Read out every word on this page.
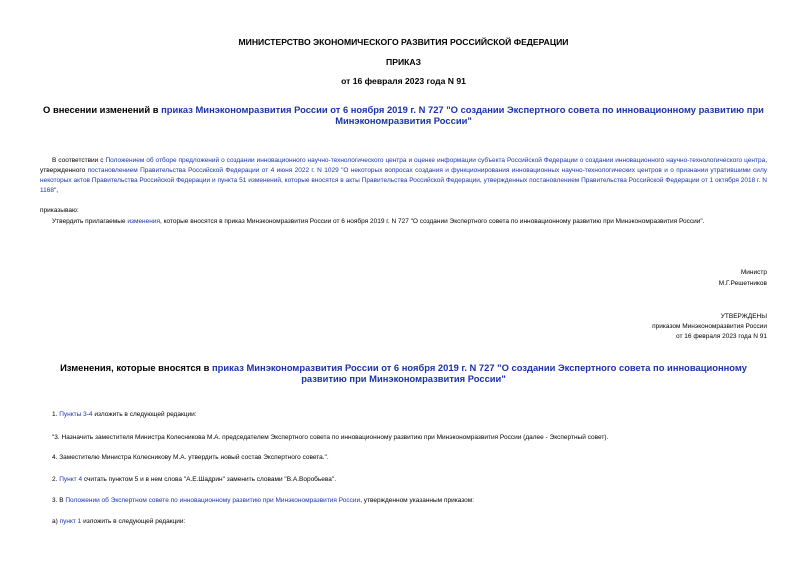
МИНИСТЕРСТВО ЭКОНОМИЧЕСКОГО РАЗВИТИЯ РОССИЙСКОЙ ФЕДЕРАЦИИ
ПРИКАЗ
от 16 февраля 2023 года N 91
О внесении изменений в приказ Минэкономразвития России от 6 ноября 2019 г. N 727 "О создании Экспертного совета по инновационному развитию при Минэкономразвития России"
В соответствии с Положением об отборе предложений о создании инновационного научно-технологического центра и оценке информации субъекта Российской Федерации о создании инновационного научно-технологического центра, утвержденного постановлением Правительства Российской Федерации от 4 июня 2022 г. N 1029 "О некоторых вопросах создания и функционирования инновационных научно-технологических центров и о признании утратившими силу некоторых актов Правительства Российской Федерации и пункта 51 изменений, которые вносятся в акты Правительства Российской Федерации, утвержденных постановлением Правительства Российской Федерации от 1 октября 2018 г. N 1168",
приказываю:
Утвердить прилагаемые изменения, которые вносятся в приказ Минэкономразвития России от 6 ноября 2019 г. N 727 "О создании Экспертного совета по инновационному развитию при Минэкономразвития России".
Министр
М.Г.Решетников
УТВЕРЖДЕНЫ
приказом Минэкономразвития России
от 16 февраля 2023 года N 91
Изменения, которые вносятся в приказ Минэкономразвития России от 6 ноября 2019 г. N 727 "О создании Экспертного совета по инновационному развитию при Минэкономразвития России"
1. Пункты 3-4 изложить в следующей редакции:
"3. Назначить заместителя Министра Колесникова М.А. председателем Экспертного совета по инновационному развитию при Минэкономразвития России (далее - Экспертный совет).
4. Заместителю Министра Колесникову М.А. утвердить новый состав Экспертного совета.".
2. Пункт 4 считать пунктом 5 и в нем слова "А.Е.Шадрин" заменить словами "В.А.Воробьева".
3. В Положении об Экспертном совете по инновационному развитию при Минэкономразвития России, утвержденном указанным приказом:
а) пункт 1 изложить в следующей редакции:
